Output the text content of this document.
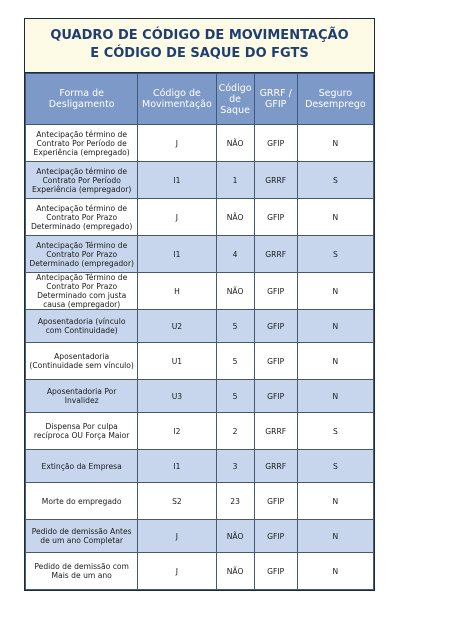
QUADRO DE CÓDIGO DE MOVIMENTAÇÃO
E CÓDIGO DE SAQUE DO FGTS
Forma de Desligamento	Código de Movimentação	Código de Saque	GRRF / GFIP	Seguro Desemprego
Antecipação término de Contrato Por Período de Experiência (empregado)	J	NÃO	GFIP	N
Antecipação término de Contrato Por Período Experiência (empregador)	I1	1	GRRF	S
Antecipação término de Contrato Por Prazo Determinado (empregado)	J	NÃO	GFIP	N
Antecipação Término de Contrato Por Prazo Determinado (empregador)	I1	4	GRRF	S
Antecipação Término de Contrato Por Prazo Determinado com justa causa (empregador)	H	NÃO	GFIP	N
Aposentadoria (vínculo com Continuidade)	U2	5	GFIP	N
Aposentadoria (Continuidade sem vínculo)	U1	5	GFIP	N
Aposentadoria Por Invalidez	U3	5	GFIP	N
Dispensa Por culpa recíproca OU Força Maior	I2	2	GRRF	S
Extinção da Empresa	I1	3	GRRF	S
Morte do empregado	S2	23	GFIP	N
Pedido de demissão Antes de um ano Completar	J	NÃO	GFIP	N
Pedido de demissão com Mais de um ano	J	NÃO	GFIP	N
